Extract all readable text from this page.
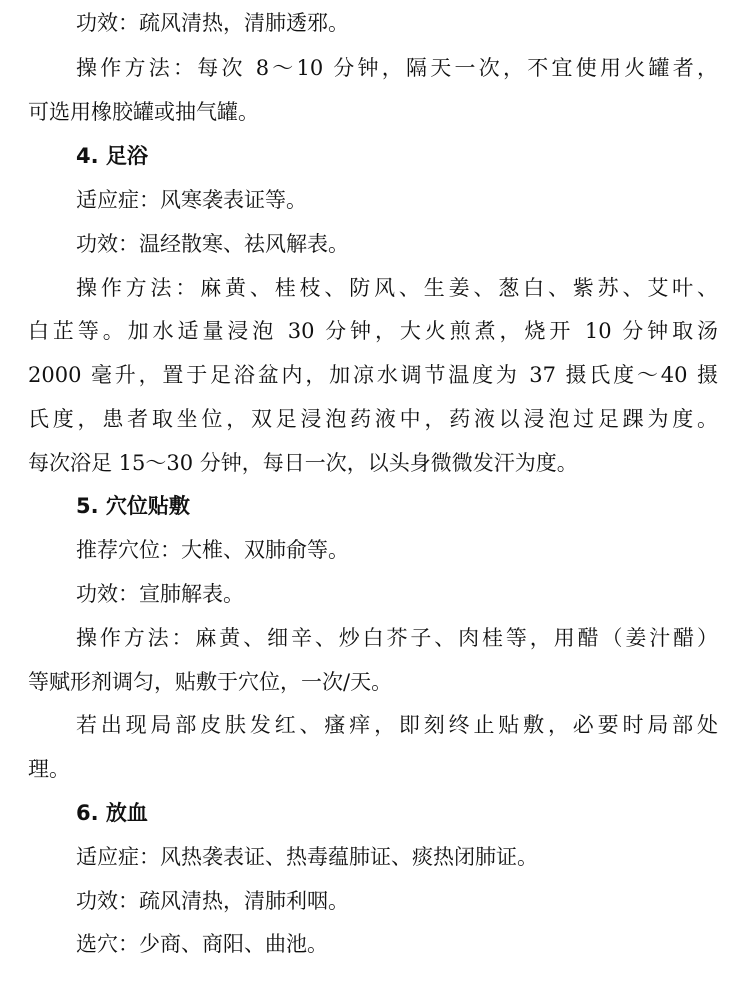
功效：疏风清热，清肺透邪。
操作方法：每次 8～10 分钟，隔天一次，不宜使用火罐者，
可选用橡胶罐或抽气罐。
4. 足浴
适应症：风寒袭表证等。
功效：温经散寒、祛风解表。
操作方法：麻黄、桂枝、防风、生姜、葱白、紫苏、艾叶、
白芷等。加水适量浸泡 30 分钟，大火煎煮，烧开 10 分钟取汤
2000 毫升，置于足浴盆内，加凉水调节温度为 37 摄氏度～40 摄
氏度，患者取坐位，双足浸泡药液中，药液以浸泡过足踝为度。
每次浴足 15～30 分钟，每日一次，以头身微微发汗为度。
5. 穴位贴敷
推荐穴位：大椎、双肺俞等。
功效：宣肺解表。
操作方法：麻黄、细辛、炒白芥子、肉桂等，用醋（姜汁醋）
等赋形剂调匀，贴敷于穴位，一次/天。
若出现局部皮肤发红、瘙痒，即刻终止贴敷，必要时局部处
理。
6. 放血
适应症：风热袭表证、热毒蕴肺证、痰热闭肺证。
功效：疏风清热，清肺利咽。
选穴：少商、商阳、曲池。
